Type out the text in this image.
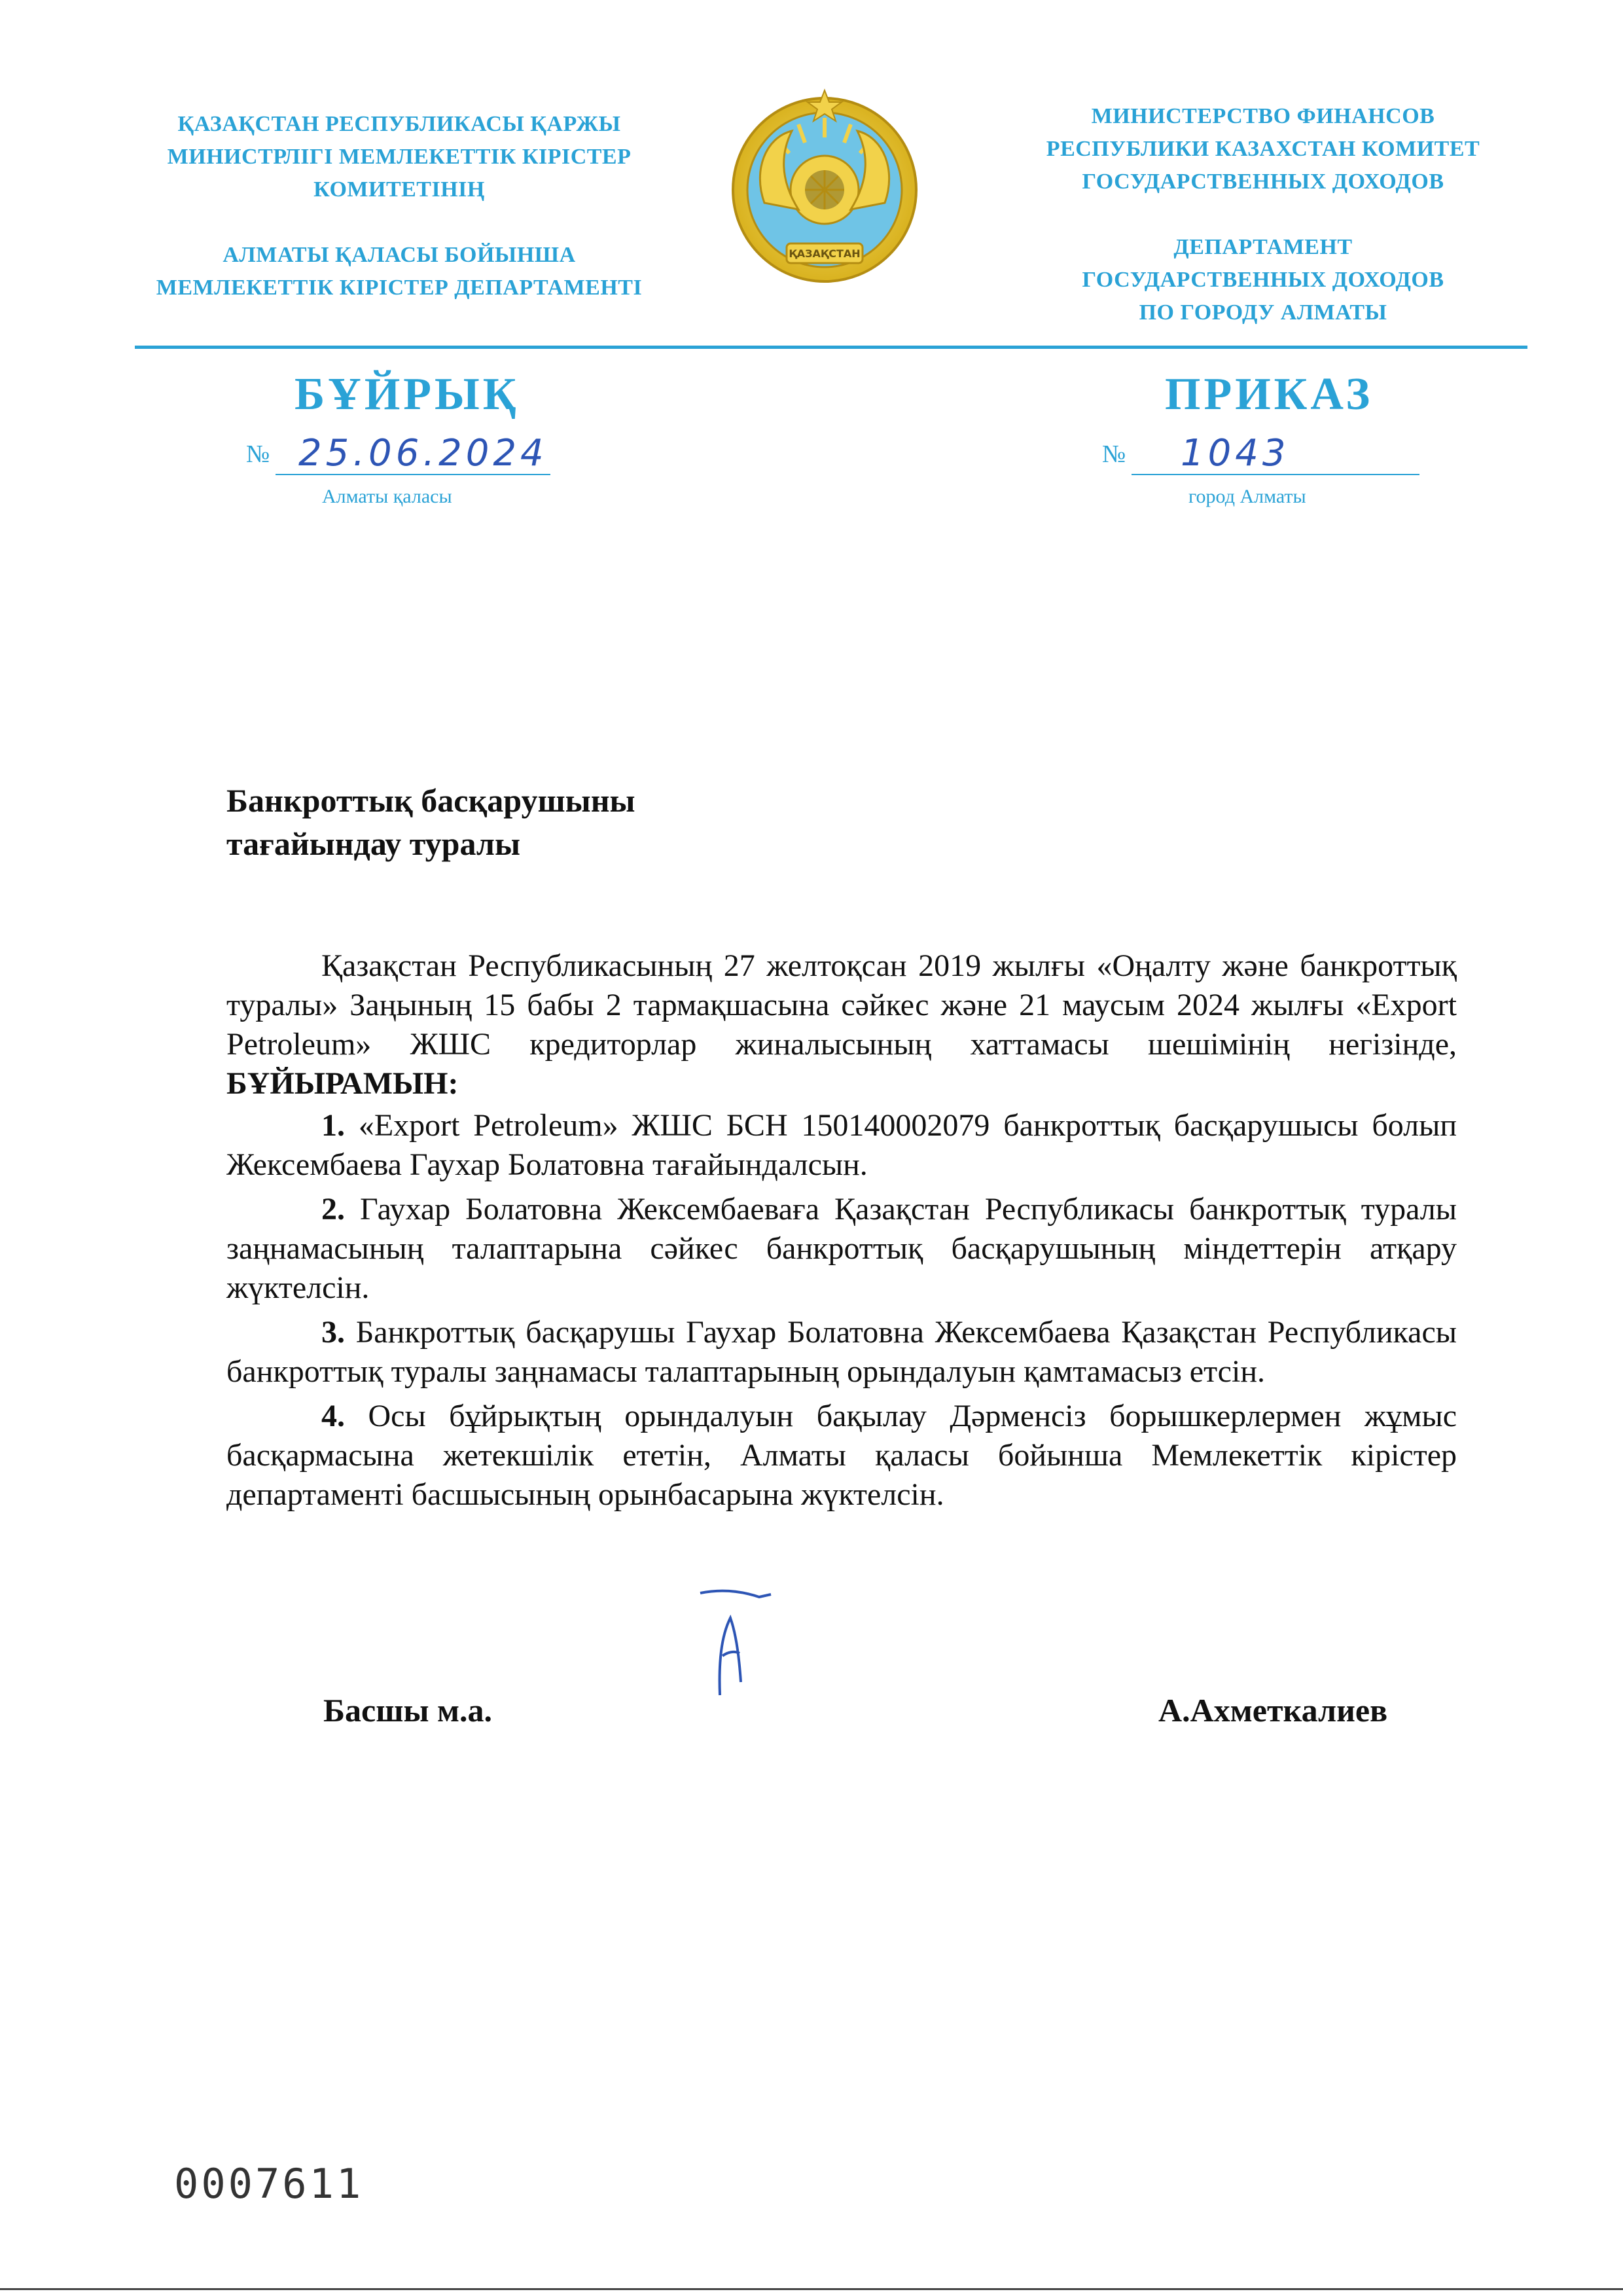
ҚАЗАҚСТАН РЕСПУБЛИКАСЫ ҚАРЖЫ
МИНИСТРЛІГІ МЕМЛЕКЕТТІК КІРІСТЕР
КОМИТЕТІНІҢ
АЛМАТЫ ҚАЛАСЫ БОЙЫНША
МЕМЛЕКЕТТІК КІРІСТЕР ДЕПАРТАМЕНТІ
ҚАЗАҚСТАН
МИНИСТЕРСТВО ФИНАНСОВ
РЕСПУБЛИКИ КАЗАХСТАН КОМИТЕТ
ГОСУДАРСТВЕННЫХ ДОХОДОВ
ДЕПАРТАМЕНТ
ГОСУДАРСТВЕННЫХ ДОХОДОВ
ПО ГОРОДУ АЛМАТЫ
БҰЙРЫҚ	ПРИКАЗ
№ 25.06.2024
Алматы қаласы
№ 1043
город Алматы
Банкроттық басқарушыны
тағайындау туралы

Қазақстан Республикасының 27 желтоқсан 2019 жылғы «Оңалту және банкроттық туралы» Заңының 15 бабы 2 тармақшасына сәйкес және 21 маусым 2024 жылғы «Export Petroleum» ЖШС кредиторлар жиналысының хаттамасы шешімінің негізінде, БҰЙЫРАМЫН:

1. «Export Petroleum» ЖШС БСН 150140002079 банкроттық басқарушысы болып Жексембаева Гаухар Болатовна тағайындалсын.

2. Гаухар Болатовна Жексембаеваға Қазақстан Республикасы банкроттық туралы заңнамасының талаптарына сәйкес банкроттық басқарушының міндеттерін атқару жүктелсін.

3. Банкроттық басқарушы Гаухар Болатовна Жексембаева Қазақстан Республикасы банкроттық туралы заңнамасы талаптарының орындалуын қамтамасыз етсін.

4. Осы бұйрықтың орындалуын бақылау Дәрменсіз борышкерлермен жұмыс басқармасына жетекшілік ететін, Алматы қаласы бойынша Мемлекеттік кірістер департаменті басшысының орынбасарына жүктелсін.

Басшы м.а.	А.Ахметкалиев
0007611
